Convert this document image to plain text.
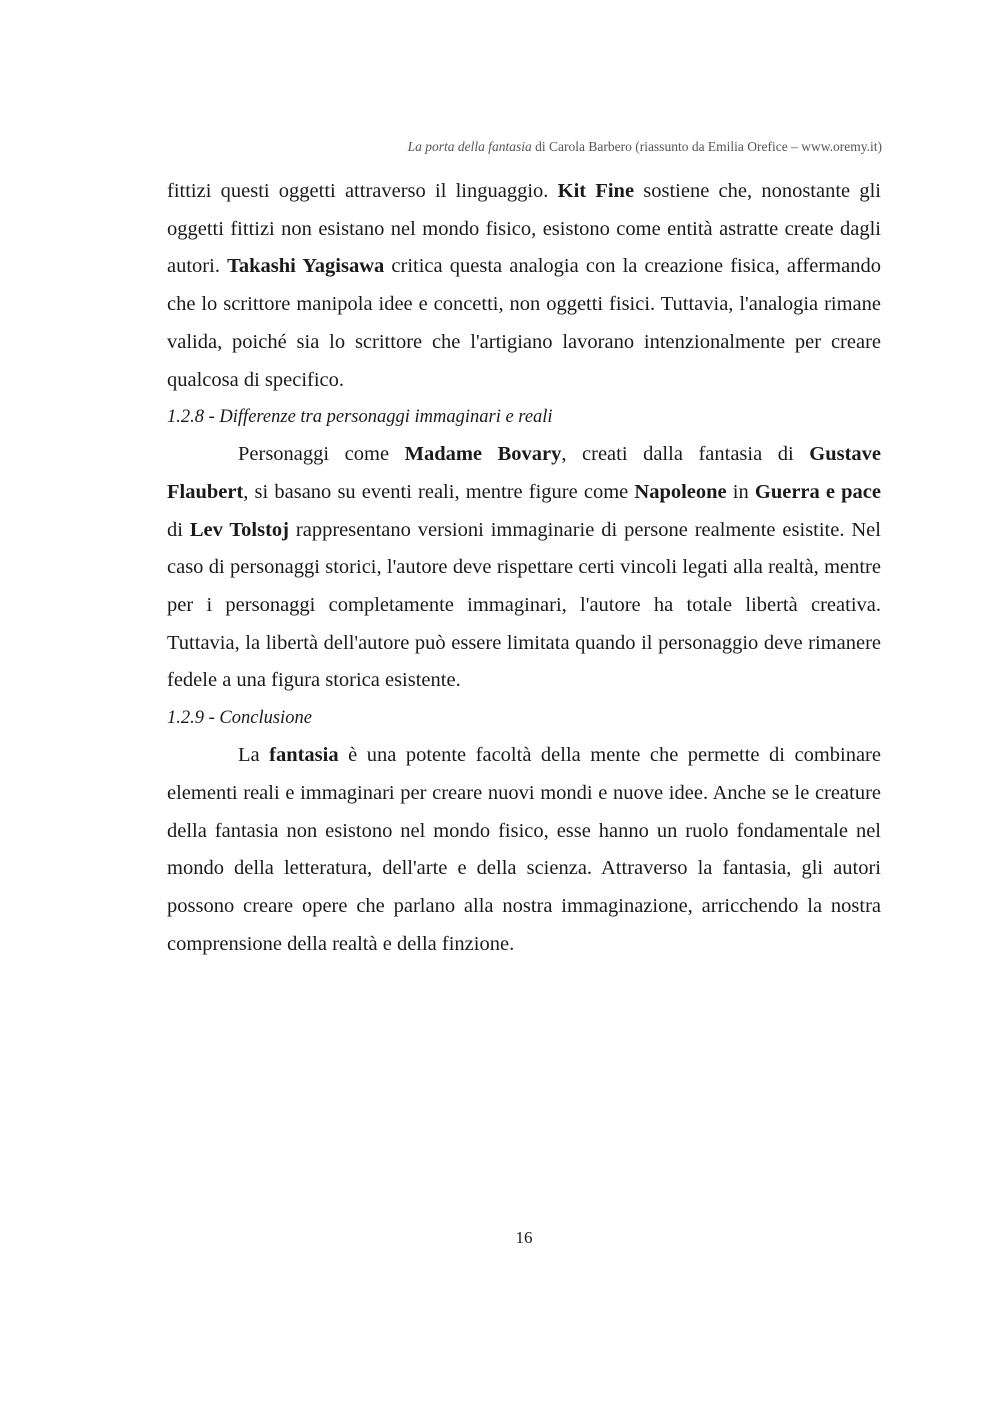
La porta della fantasia di Carola Barbero (riassunto da Emilia Orefice – www.oremy.it)

fittizi questi oggetti attraverso il linguaggio. Kit Fine sostiene che, nonostante gli oggetti fittizi non esistano nel mondo fisico, esistono come entità astratte create dagli autori. Takashi Yagisawa critica questa analogia con la creazione fisica, affermando che lo scrittore manipola idee e concetti, non oggetti fisici. Tuttavia, l'analogia rimane valida, poiché sia lo scrittore che l'artigiano lavorano intenzionalmente per creare qualcosa di specifico.

1.2.8 - Differenze tra personaggi immaginari e reali

Personaggi come Madame Bovary, creati dalla fantasia di Gustave Flaubert, si basano su eventi reali, mentre figure come Napoleone in Guerra e pace di Lev Tolstoj rappresentano versioni immaginarie di persone realmente esistite. Nel caso di personaggi storici, l'autore deve rispettare certi vincoli legati alla realtà, mentre per i personaggi completamente immaginari, l'autore ha totale libertà creativa. Tuttavia, la libertà dell'autore può essere limitata quando il personaggio deve rimanere fedele a una figura storica esistente.

1.2.9 - Conclusione

La fantasia è una potente facoltà della mente che permette di combinare elementi reali e immaginari per creare nuovi mondi e nuove idee. Anche se le creature della fantasia non esistono nel mondo fisico, esse hanno un ruolo fondamentale nel mondo della letteratura, dell'arte e della scienza. Attraverso la fantasia, gli autori possono creare opere che parlano alla nostra immaginazione, arricchendo la nostra comprensione della realtà e della finzione.

16
